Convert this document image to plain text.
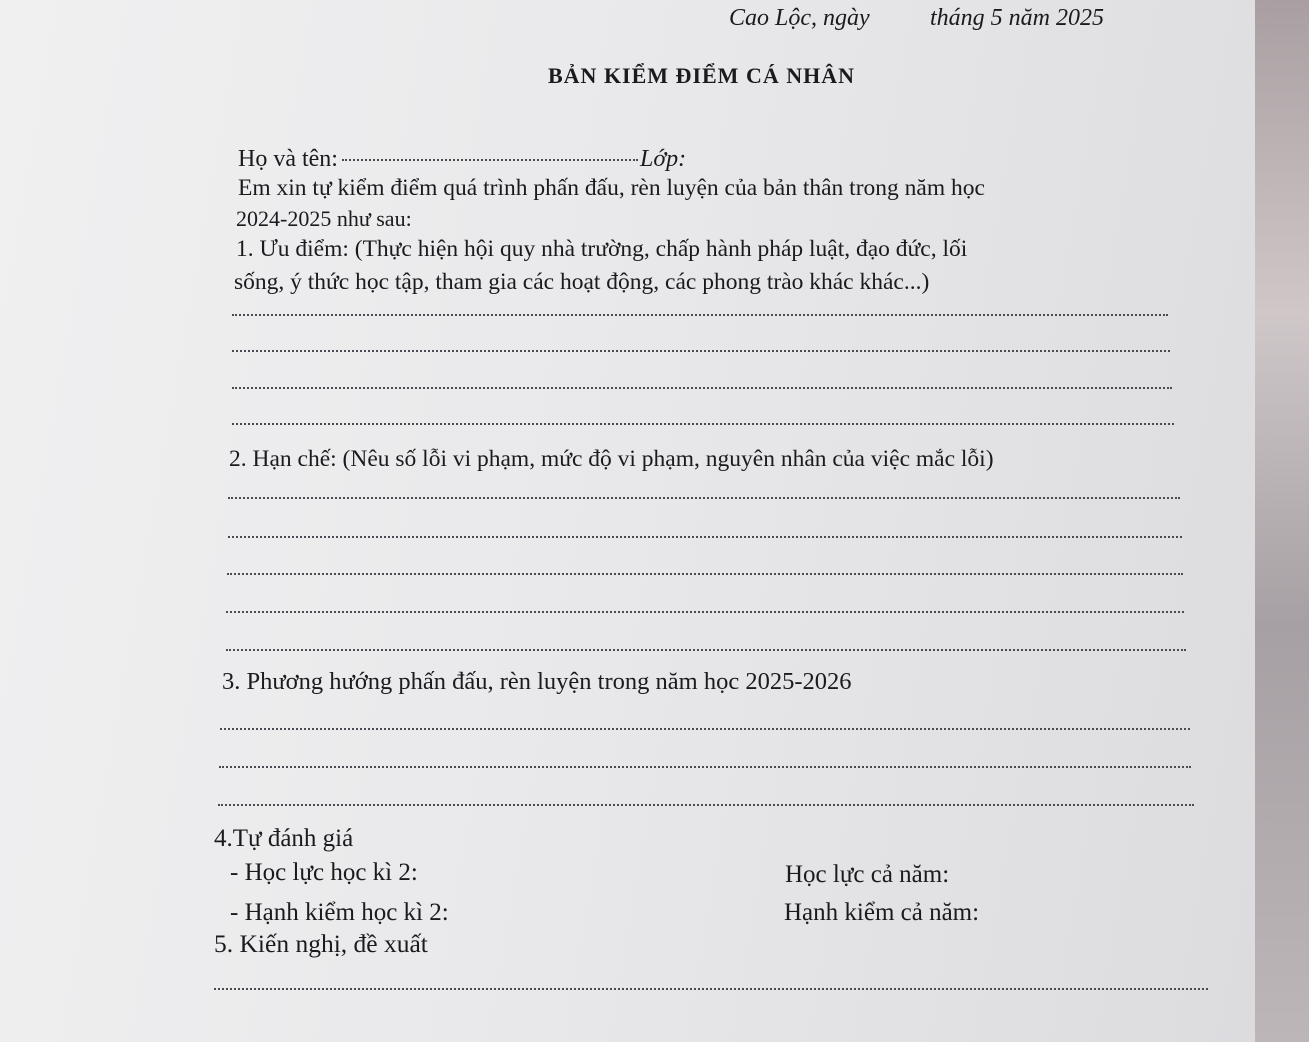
Cao Lộc, ngày	tháng 5 năm 2025
BẢN KIỂM ĐIỂM CÁ NHÂN
Họ và tên:	Lớp:
Em xin tự kiểm điểm quá trình phấn đấu, rèn luyện của bản thân trong năm học
2024-2025 như sau:
1. Ưu điểm: (Thực hiện hội quy nhà trường, chấp hành pháp luật, đạo đức, lối
sống, ý thức học tập, tham gia các hoạt động, các phong trào khác khác...)
2. Hạn chế: (Nêu số lỗi vi phạm, mức độ vi phạm, nguyên nhân của việc mắc lỗi)
3. Phương hướng phấn đấu, rèn luyện trong năm học 2025-2026
4.Tự đánh giá
- Học lực học kì 2:	Học lực cả năm:
- Hạnh kiểm học kì 2:	Hạnh kiểm cả năm:
5. Kiến nghị, đề xuất
